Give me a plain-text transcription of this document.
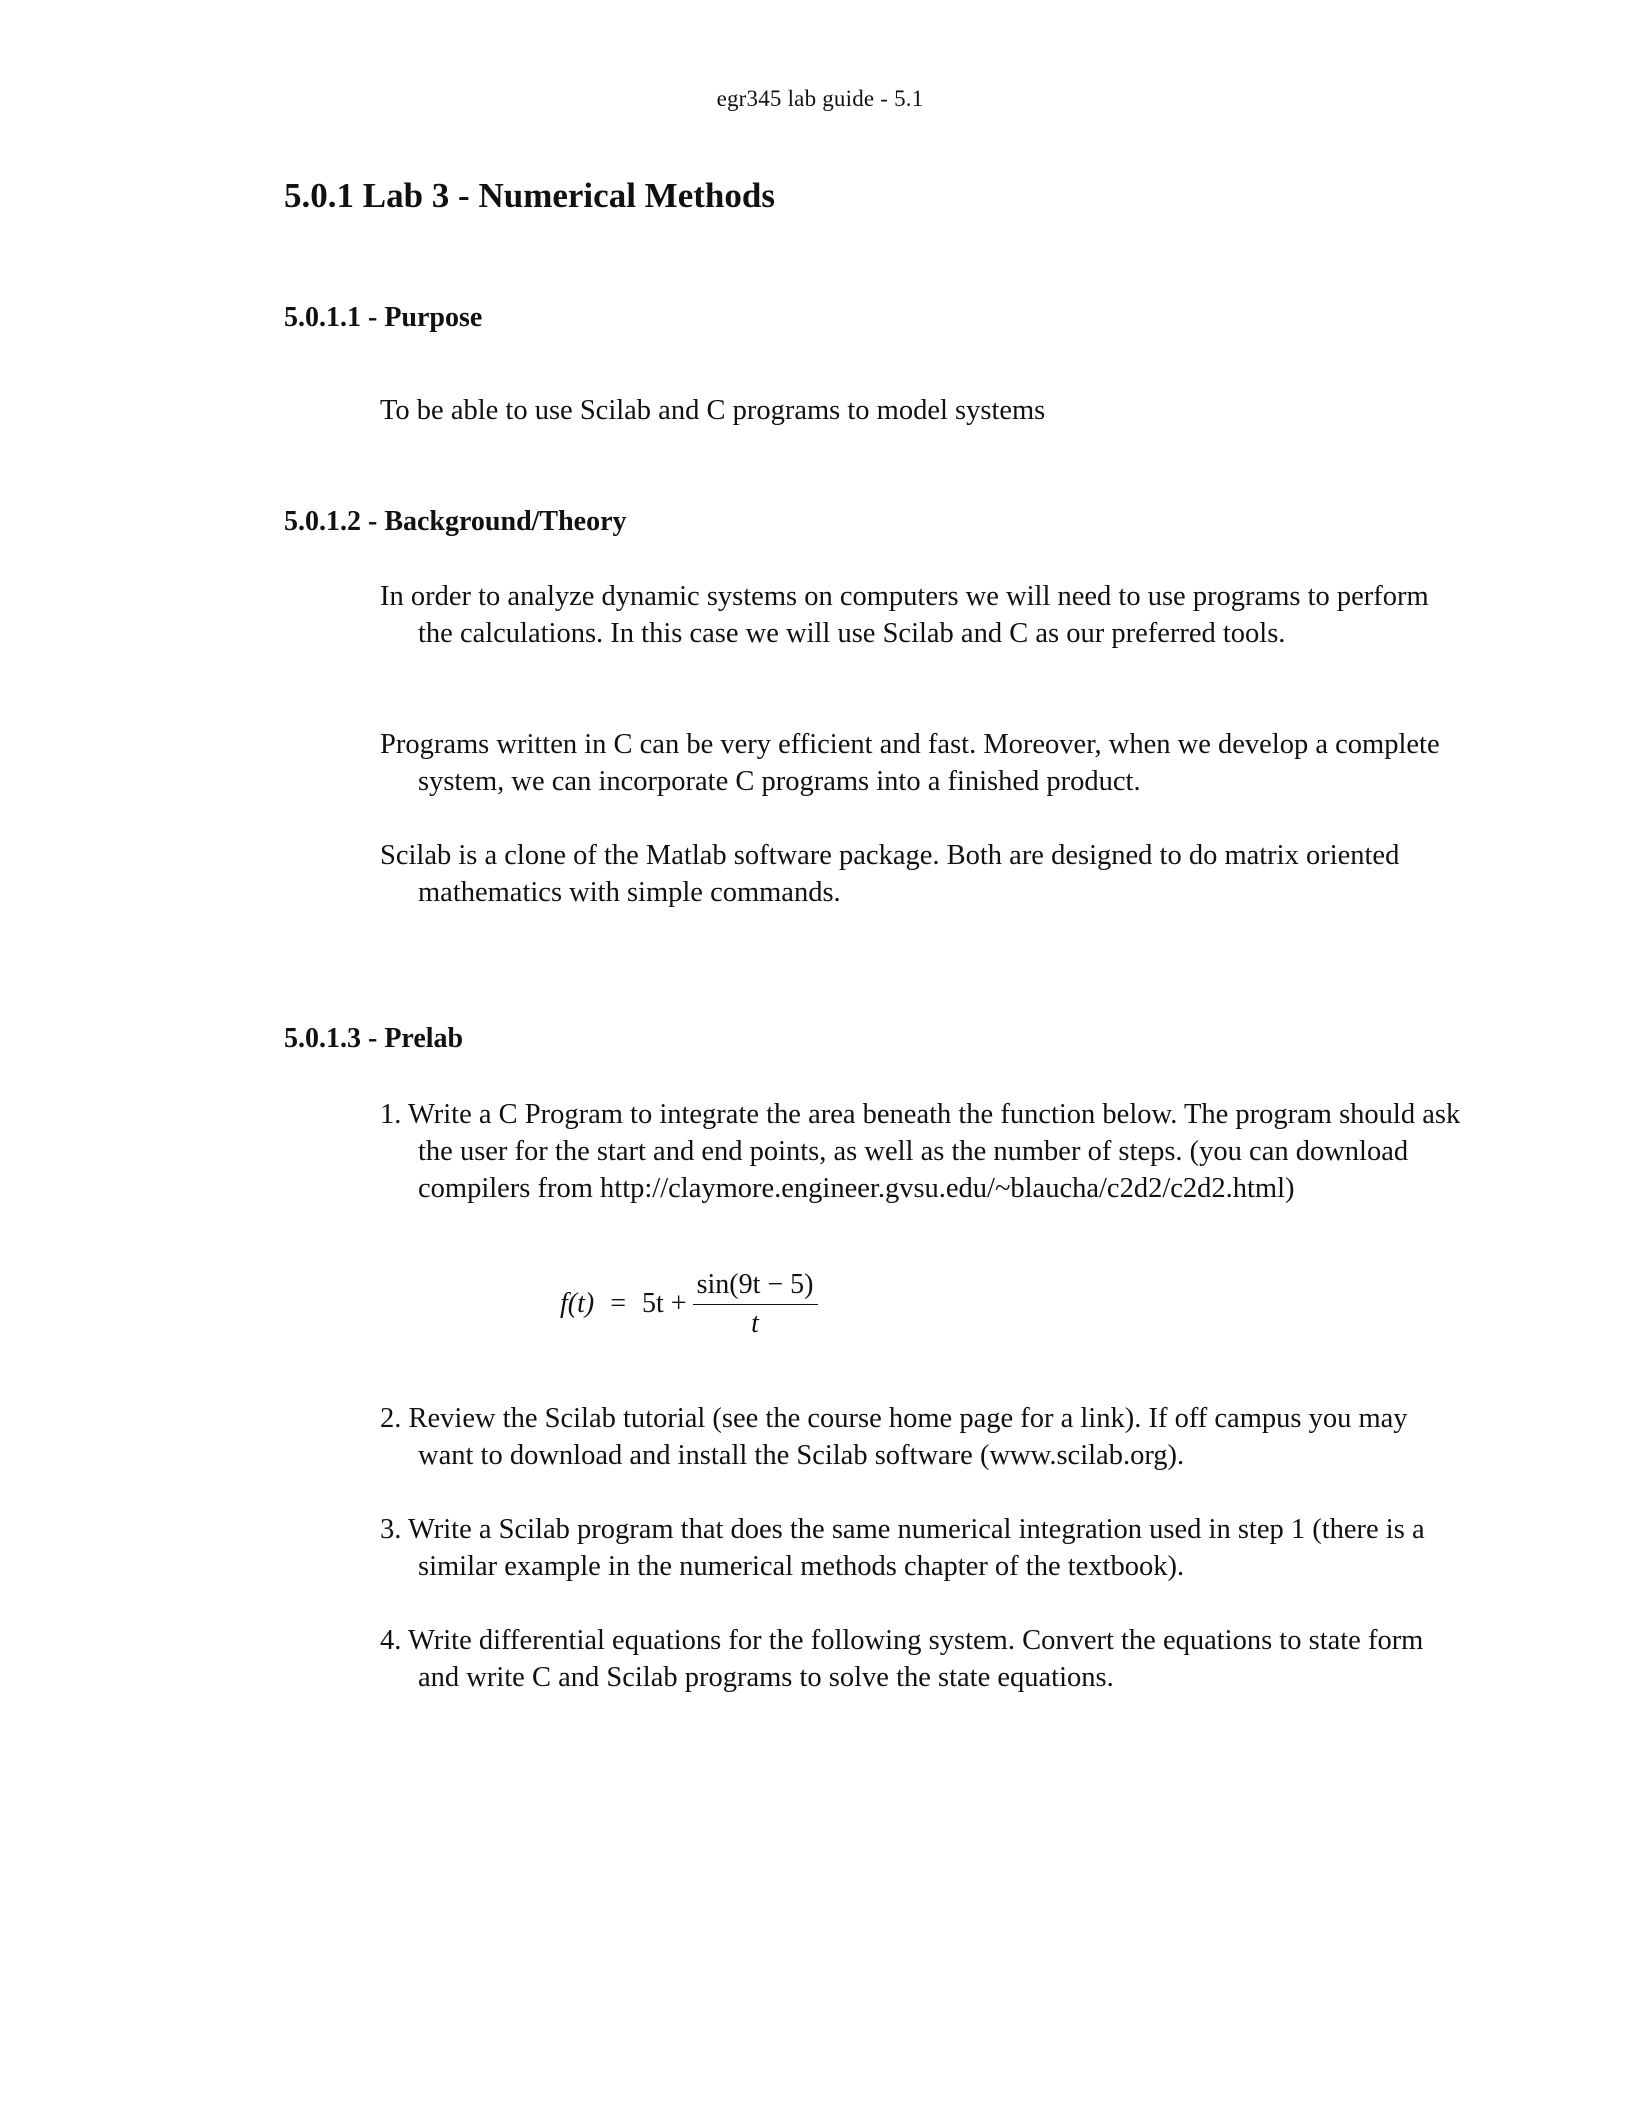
egr345 lab guide - 5.1
5.0.1 Lab 3 - Numerical Methods
5.0.1.1 - Purpose

To be able to use Scilab and C programs to model systems

5.0.1.2 - Background/Theory

In order to analyze dynamic systems on computers we will need to use programs to perform the calculations. In this case we will use Scilab and C as our preferred tools.

Programs written in C can be very efficient and fast. Moreover, when we develop a complete system, we can incorporate C programs into a finished product.

Scilab is a clone of the Matlab software package. Both are designed to do matrix oriented mathematics with simple commands.

5.0.1.3 - Prelab

1. Write a C Program to integrate the area beneath the function below. The program should ask the user for the start and end points, as well as the number of steps. (you can download compilers from http://claymore.engineer.gvsu.edu/~blaucha/c2d2/c2d2.html)

$f(t) = 5t + \frac{\sin(9t - 5)}{t}$

2. Review the Scilab tutorial (see the course home page for a link). If off campus you may want to download and install the Scilab software (www.scilab.org).

3. Write a Scilab program that does the same numerical integration used in step 1 (there is a similar example in the numerical methods chapter of the textbook).

4. Write differential equations for the following system. Convert the equations to state form and write C and Scilab programs to solve the state equations.
